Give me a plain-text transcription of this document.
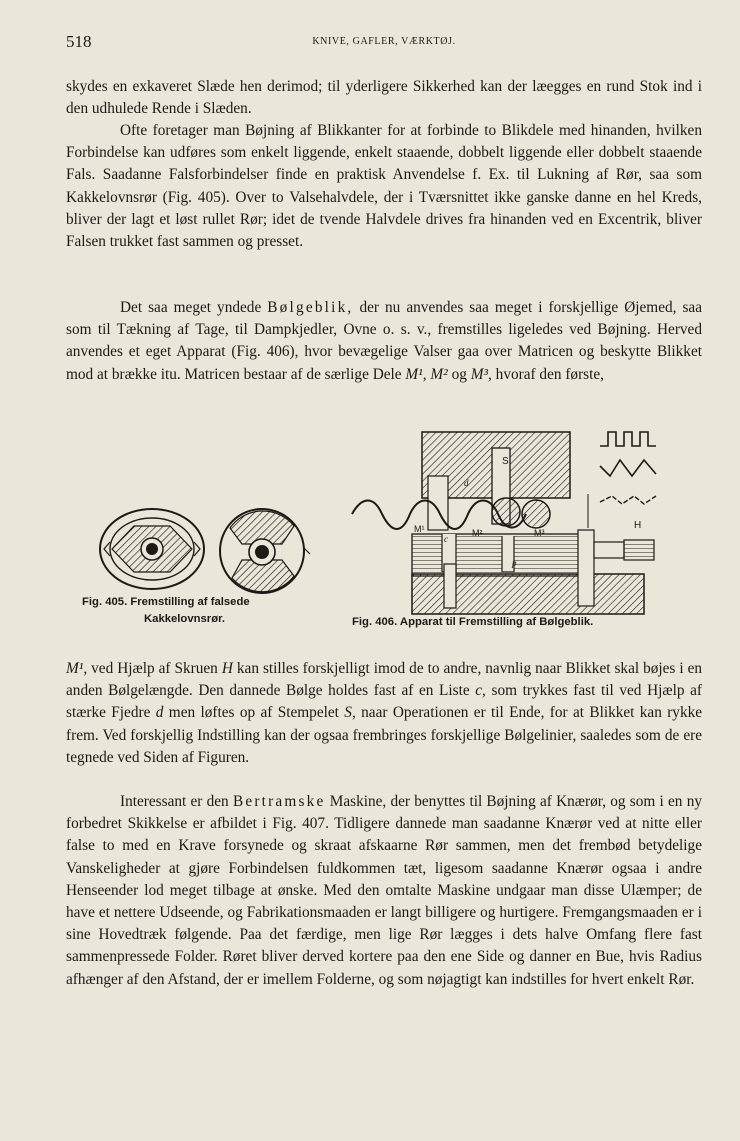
518	KNIVE, GAFLER, VÆRKTØJ.

skydes en exkaveret Slæde hen derimod; til yderligere Sikkerhed kan der læegges en rund Stok ind i den udhulede Rende i Slæden.

Ofte foretager man Bøjning af Blikkanter for at forbinde to Blikdele med hinanden, hvilken Forbindelse kan udføres som enkelt liggende, enkelt staaende, dobbelt liggende eller dobbelt staaende Fals. Saadanne Falsforbindelser finde en praktisk Anvendelse f. Ex. til Lukning af Rør, saa som Kakkelovnsrør (Fig. 405). Over to Valsehalvdele, der i Tværsnittet ikke ganske danne en hel Kreds, bliver der lagt et løst rullet Rør; idet de tvende Halvdele drives fra hinanden ved en Excentrik, bliver Falsen trukket fast sammen og presset.

Det saa meget yndede Bølgeblik, der nu anvendes saa meget i forskjellige Øjemed, saa som til Tækning af Tage, til Dampkjedler, Ovne o. s. v., fremstilles ligeledes ved Bøjning. Herved anvendes et eget Apparat (Fig. 406), hvor bevægelige Valser gaa over Matricen og beskytte Blikket mod at brække itu. Matricen bestaar af de særlige Dele M¹, M² og M³, hvoraf den første,

S
d
c
M¹	M²	M³
p
H
Fig. 405. Fremstilling af falsede
Kakkelovnsrør.	Fig. 406. Apparat til Fremstilling af Bølgeblik.

M¹, ved Hjælp af Skruen H kan stilles forskjelligt imod de to andre, navnlig naar Blikket skal bøjes i en anden Bølgelængde. Den dannede Bølge holdes fast af en Liste c, som trykkes fast til ved Hjælp af stærke Fjedre d men løftes op af Stempelet S, naar Operationen er til Ende, for at Blikket kan rykke frem. Ved forskjellig Indstilling kan der ogsaa frembringes forskjellige Bølgelinier, saaledes som de ere tegnede ved Siden af Figuren.

Interessant er den Bertramske Maskine, der benyttes til Bøjning af Knærør, og som i en ny forbedret Skikkelse er afbildet i Fig. 407. Tidligere dannede man saadanne Knærør ved at nitte eller false to med en Krave forsynede og skraat afskaarne Rør sammen, men det frembød betydelige Vanskeligheder at gjøre Forbindelsen fuldkommen tæt, ligesom saadanne Knærør ogsaa i andre Henseender lod meget tilbage at ønske. Med den omtalte Maskine undgaar man disse Ulæmper; de have et nettere Udseende, og Fabrikationsmaaden er langt billigere og hurtigere. Fremgangsmaaden er i sine Hovedtræk følgende. Paa det færdige, men lige Rør lægges i dets halve Omfang flere fast sammenpressede Folder. Røret bliver derved kortere paa den ene Side og danner en Bue, hvis Radius afhænger af den Afstand, der er imellem Folderne, og som nøjagtigt kan indstilles for hvert enkelt Rør.
